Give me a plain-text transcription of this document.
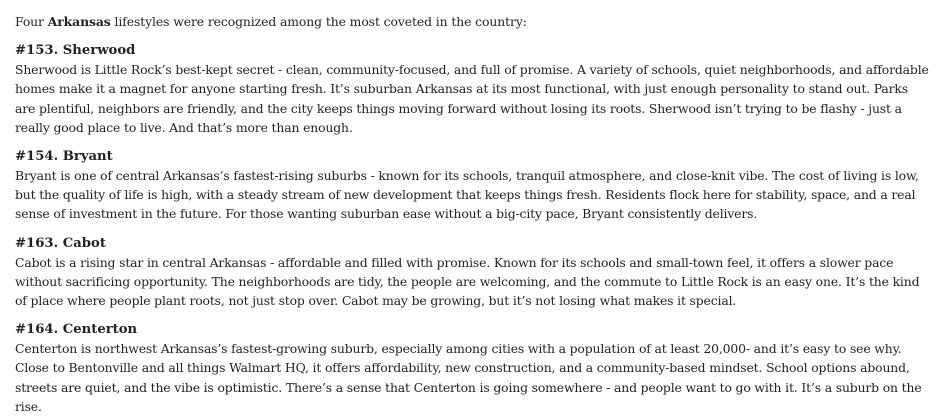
Four Arkansas lifestyles were recognized among the most coveted in the country:

#153. Sherwood

Sherwood is Little Rock’s best-kept secret - clean, community-focused, and full of promise. A variety of schools, quiet neighborhoods, and affordable homes make it a magnet for anyone starting fresh. It’s suburban Arkansas at its most functional, with just enough personality to stand out. Parks are plentiful, neighbors are friendly, and the city keeps things moving forward without losing its roots. Sherwood isn’t trying to be flashy - just a really good place to live. And that’s more than enough.

#154. Bryant

Bryant is one of central Arkansas’s fastest-rising suburbs - known for its schools, tranquil atmosphere, and close-knit vibe. The cost of living is low, but the quality of life is high, with a steady stream of new development that keeps things fresh. Residents flock here for stability, space, and a real sense of investment in the future. For those wanting suburban ease without a big-city pace, Bryant consistently delivers.

#163. Cabot

Cabot is a rising star in central Arkansas - affordable and filled with promise. Known for its schools and small-town feel, it offers a slower pace without sacrificing opportunity. The neighborhoods are tidy, the people are welcoming, and the commute to Little Rock is an easy one. It’s the kind of place where people plant roots, not just stop over. Cabot may be growing, but it’s not losing what makes it special.

#164. Centerton

Centerton is northwest Arkansas’s fastest-growing suburb, especially among cities with a population of at least 20,000- and it’s easy to see why. Close to Bentonville and all things Walmart HQ, it offers affordability, new construction, and a community-based mindset. School options abound, streets are quiet, and the vibe is optimistic. There’s a sense that Centerton is going somewhere - and people want to go with it. It’s a suburb on the rise.
